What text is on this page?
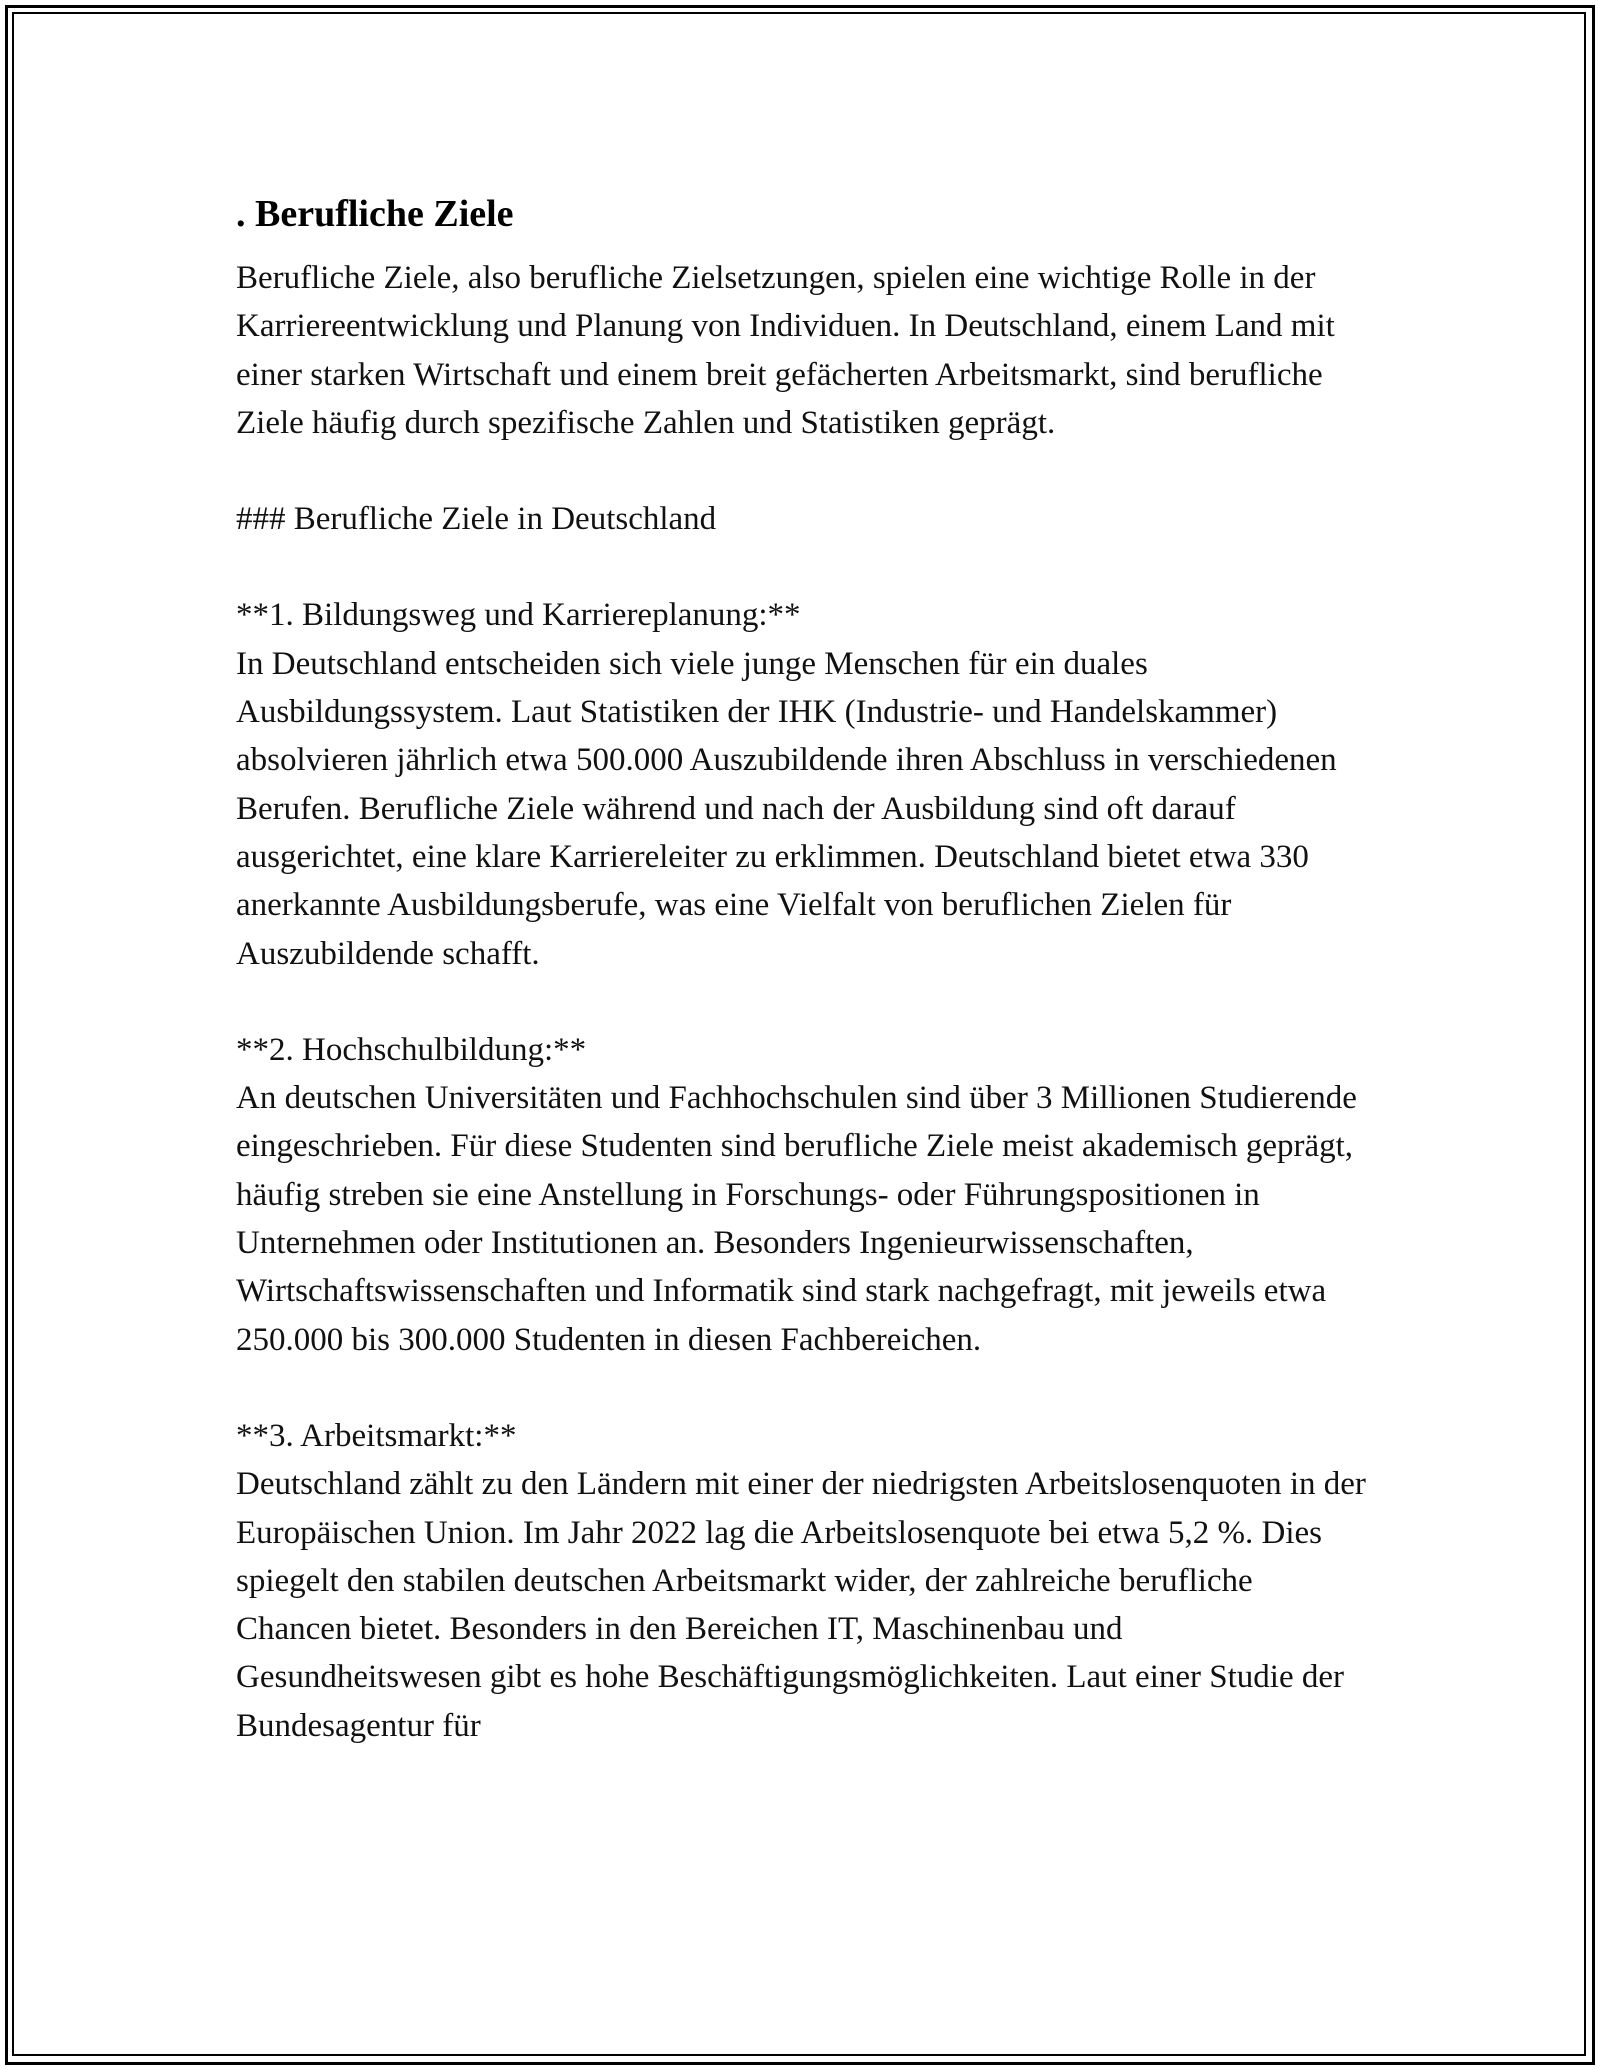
. Berufliche Ziele

Berufliche Ziele, also berufliche Zielsetzungen, spielen eine wichtige Rolle in der Karriereentwicklung und Planung von Individuen. In Deutschland, einem Land mit einer starken Wirtschaft und einem breit gefächerten Arbeitsmarkt, sind berufliche Ziele häufig durch spezifische Zahlen und Statistiken geprägt.

### Berufliche Ziele in Deutschland

**1. Bildungsweg und Karriereplanung:**

In Deutschland entscheiden sich viele junge Menschen für ein duales Ausbildungssystem. Laut Statistiken der IHK (Industrie- und Handelskammer) absolvieren jährlich etwa 500.000 Auszubildende ihren Abschluss in verschiedenen Berufen. Berufliche Ziele während und nach der Ausbildung sind oft darauf ausgerichtet, eine klare Karriereleiter zu erklimmen. Deutschland bietet etwa 330 anerkannte Ausbildungsberufe, was eine Vielfalt von beruflichen Zielen für Auszubildende schafft.

**2. Hochschulbildung:**

An deutschen Universitäten und Fachhochschulen sind über 3 Millionen Studierende eingeschrieben. Für diese Studenten sind berufliche Ziele meist akademisch geprägt, häufig streben sie eine Anstellung in Forschungs- oder Führungspositionen in Unternehmen oder Institutionen an. Besonders Ingenieurwissenschaften, Wirtschaftswissenschaften und Informatik sind stark nachgefragt, mit jeweils etwa 250.000 bis 300.000 Studenten in diesen Fachbereichen.

**3. Arbeitsmarkt:**

Deutschland zählt zu den Ländern mit einer der niedrigsten Arbeitslosenquoten in der Europäischen Union. Im Jahr 2022 lag die Arbeitslosenquote bei etwa 5,2 %. Dies spiegelt den stabilen deutschen Arbeitsmarkt wider, der zahlreiche berufliche Chancen bietet. Besonders in den Bereichen IT, Maschinenbau und Gesundheitswesen gibt es hohe Beschäftigungsmöglichkeiten. Laut einer Studie der Bundesagentur für
